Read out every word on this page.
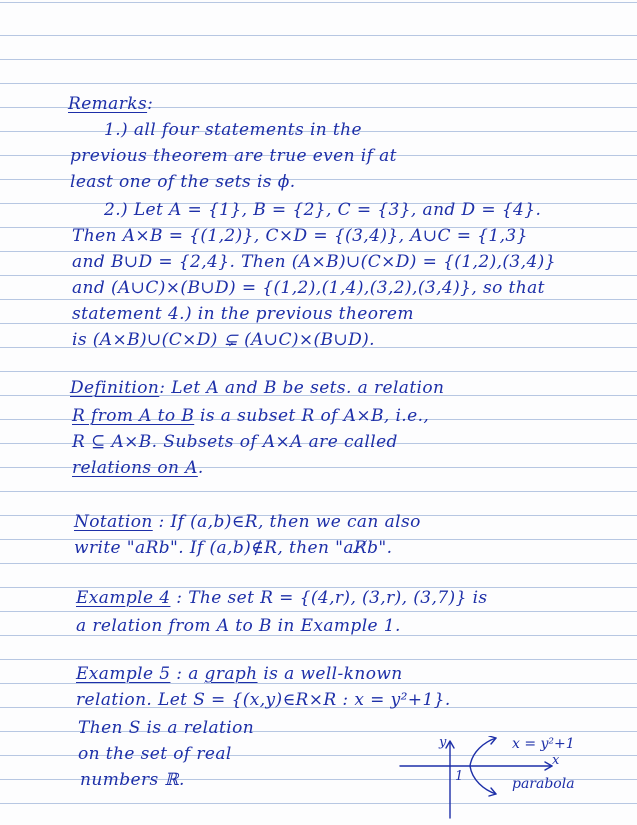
Remarks:
1.) all four statements in the
previous theorem are true even if at
least one of the sets is ϕ.
2.) Let A = {1}, B = {2}, C = {3}, and D = {4}.
Then A×B = {(1,2)}, C×D = {(3,4)}, A∪C = {1,3}
and B∪D = {2,4}. Then (A×B)∪(C×D) = {(1,2),(3,4)}
and (A∪C)×(B∪D) = {(1,2),(1,4),(3,2),(3,4)}, so that
statement 4.) in the previous theorem
is (A×B)∪(C×D) ⊊ (A∪C)×(B∪D).
Definition: Let A and B be sets. a relation
R from A to B is a subset R of A×B, i.e.,
R ⊆ A×B. Subsets of A×A are called
relations on A.
Notation : If (a,b)∈R, then we can also
write "aRb". If (a,b)∉R, then "aR̸b".
Example 4 : The set R = {(4,r), (3,r), (3,7)} is
a relation from A to B in Example 1.
Example 5 : a graph is a well-known
relation. Let S = {(x,y)∈R×R : x = y²+1}.
Then S is a relation
on the set of real
numbers ℝ.
y	x = y²+1
x
1	parabola
